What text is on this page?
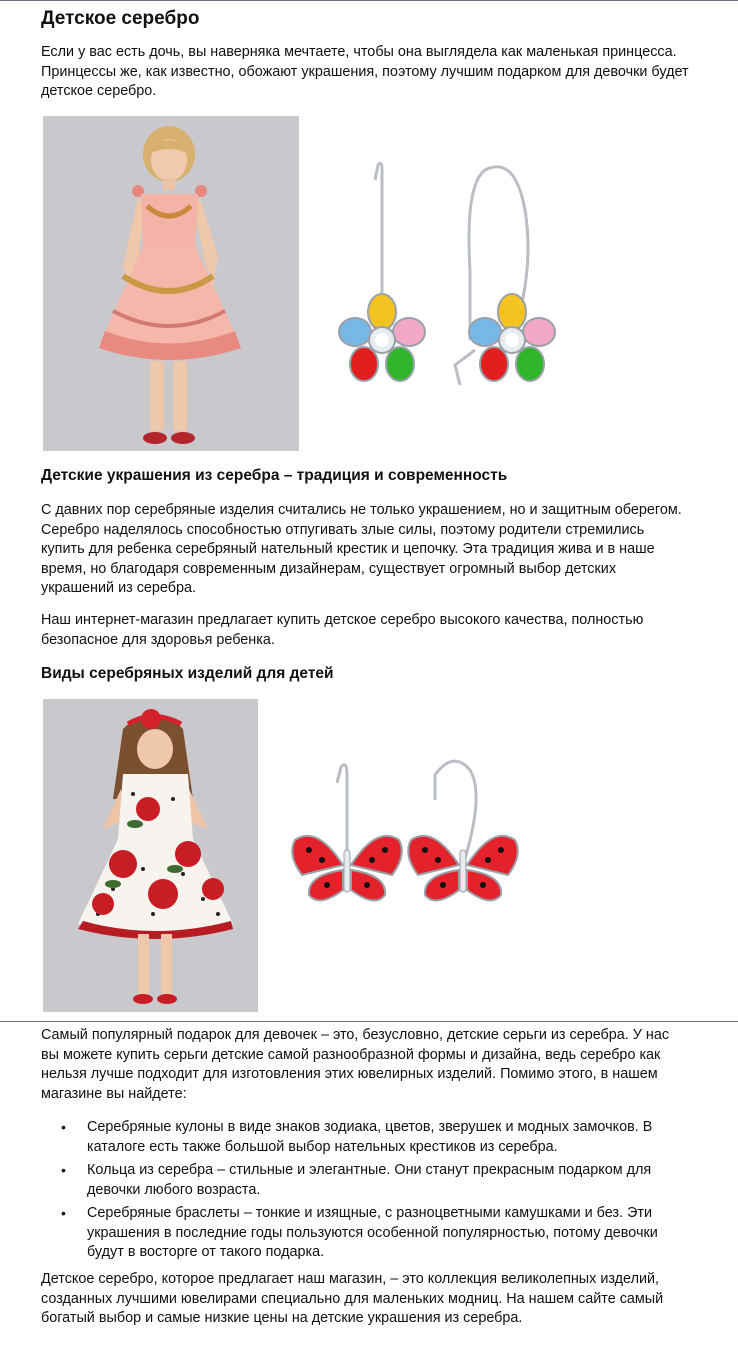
Детское серебро

Если у вас есть дочь, вы наверняка мечтаете, чтобы она выглядела как маленькая принцесса. Принцессы же, как известно, обожают украшения, поэтому лучшим подарком для девочки будет детское серебро.

Детские украшения из серебра – традиция и современность

С давних пор серебряные изделия считались не только украшением, но и защитным оберегом. Серебро наделялось способностью отпугивать злые силы, поэтому родители стремились купить для ребенка серебряный нательный крестик и цепочку. Эта традиция жива и в наше время, но благодаря современным дизайнерам, существует огромный выбор детских украшений из серебра.

Наш интернет-магазин предлагает купить детское серебро высокого качества, полностью безопасное для здоровья ребенка.

Виды серебряных изделий для детей

Самый популярный подарок для девочек – это, безусловно, детские серьги из серебра. У нас вы можете купить серьги детские самой разнообразной формы и дизайна, ведь серебро как нельзя лучше подходит для изготовления этих ювелирных изделий. Помимо этого, в нашем магазине вы найдете:

• Серебряные кулоны в виде знаков зодиака, цветов, зверушек и модных замочков. В каталоге есть также большой выбор нательных крестиков из серебра.
• Кольца из серебра – стильные и элегантные. Они станут прекрасным подарком для девочки любого возраста.
• Серебряные браслеты – тонкие и изящные, с разноцветными камушками и без. Эти украшения в последние годы пользуются особенной популярностью, потому девочки будут в восторге от такого подарка.

Детское серебро, которое предлагает наш магазин, – это коллекция великолепных изделий, созданных лучшими ювелирами специально для маленьких модниц. На нашем сайте самый богатый выбор и самые низкие цены на детские украшения из серебра.
